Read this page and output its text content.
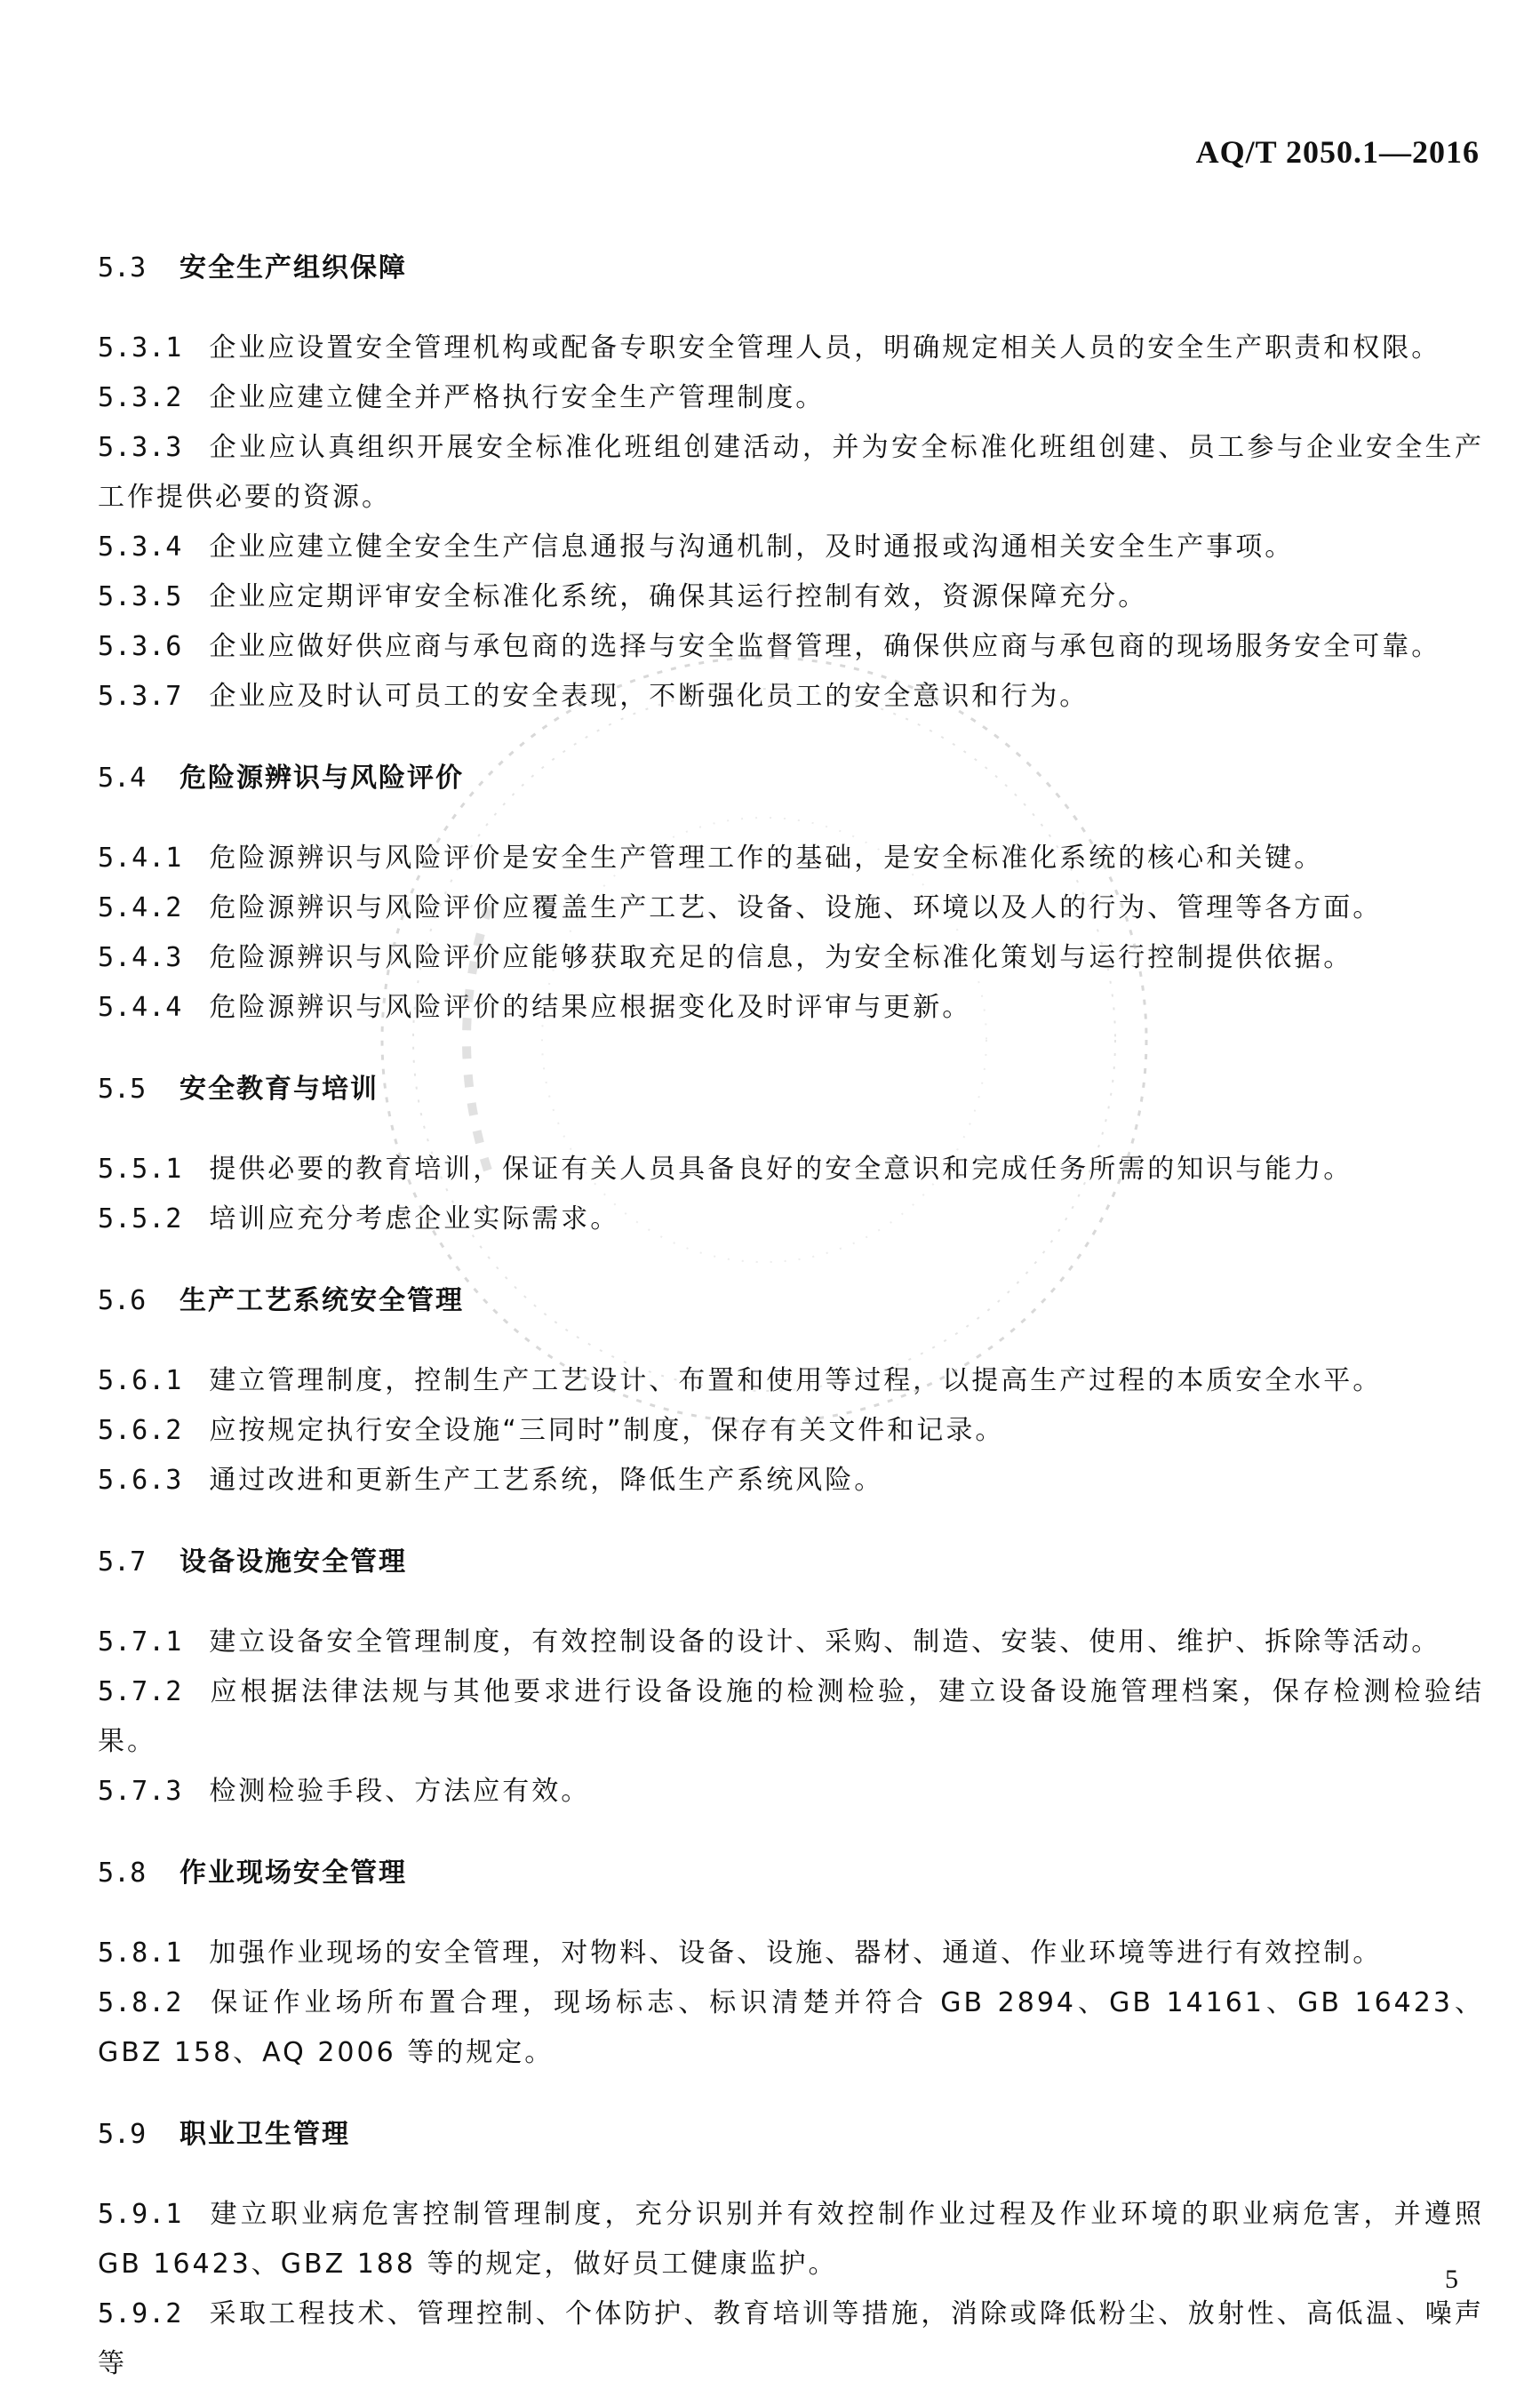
AQ/T 2050.1—2016
5.3 安全生产组织保障

5.3.1 企业应设置安全管理机构或配备专职安全管理人员，明确规定相关人员的安全生产职责和权限。

5.3.2 企业应建立健全并严格执行安全生产管理制度。

5.3.3 企业应认真组织开展安全标准化班组创建活动，并为安全标准化班组创建、员工参与企业安全生产工作提供必要的资源。

5.3.4 企业应建立健全安全生产信息通报与沟通机制，及时通报或沟通相关安全生产事项。

5.3.5 企业应定期评审安全标准化系统，确保其运行控制有效，资源保障充分。

5.3.6 企业应做好供应商与承包商的选择与安全监督管理，确保供应商与承包商的现场服务安全可靠。

5.3.7 企业应及时认可员工的安全表现，不断强化员工的安全意识和行为。

5.4 危险源辨识与风险评价

5.4.1 危险源辨识与风险评价是安全生产管理工作的基础，是安全标准化系统的核心和关键。

5.4.2 危险源辨识与风险评价应覆盖生产工艺、设备、设施、环境以及人的行为、管理等各方面。

5.4.3 危险源辨识与风险评价应能够获取充足的信息，为安全标准化策划与运行控制提供依据。

5.4.4 危险源辨识与风险评价的结果应根据变化及时评审与更新。

5.5 安全教育与培训

5.5.1 提供必要的教育培训，保证有关人员具备良好的安全意识和完成任务所需的知识与能力。

5.5.2 培训应充分考虑企业实际需求。

5.6 生产工艺系统安全管理

5.6.1 建立管理制度，控制生产工艺设计、布置和使用等过程，以提高生产过程的本质安全水平。

5.6.2 应按规定执行安全设施“三同时”制度，保存有关文件和记录。

5.6.3 通过改进和更新生产工艺系统，降低生产系统风险。

5.7 设备设施安全管理

5.7.1 建立设备安全管理制度，有效控制设备的设计、采购、制造、安装、使用、维护、拆除等活动。

5.7.2 应根据法律法规与其他要求进行设备设施的检测检验，建立设备设施管理档案，保存检测检验结果。

5.7.3 检测检验手段、方法应有效。

5.8 作业现场安全管理

5.8.1 加强作业现场的安全管理，对物料、设备、设施、器材、通道、作业环境等进行有效控制。

5.8.2 保证作业场所布置合理，现场标志、标识清楚并符合 GB 2894、GB 14161、GB 16423、GBZ 158、AQ 2006 等的规定。

5.9 职业卫生管理

5.9.1 建立职业病危害控制管理制度，充分识别并有效控制作业过程及作业环境的职业病危害，并遵照 GB 16423、GBZ 188 等的规定，做好员工健康监护。

5.9.2 采取工程技术、管理控制、个体防护、教育培训等措施，消除或降低粉尘、放射性、高低温、噪声等

5
